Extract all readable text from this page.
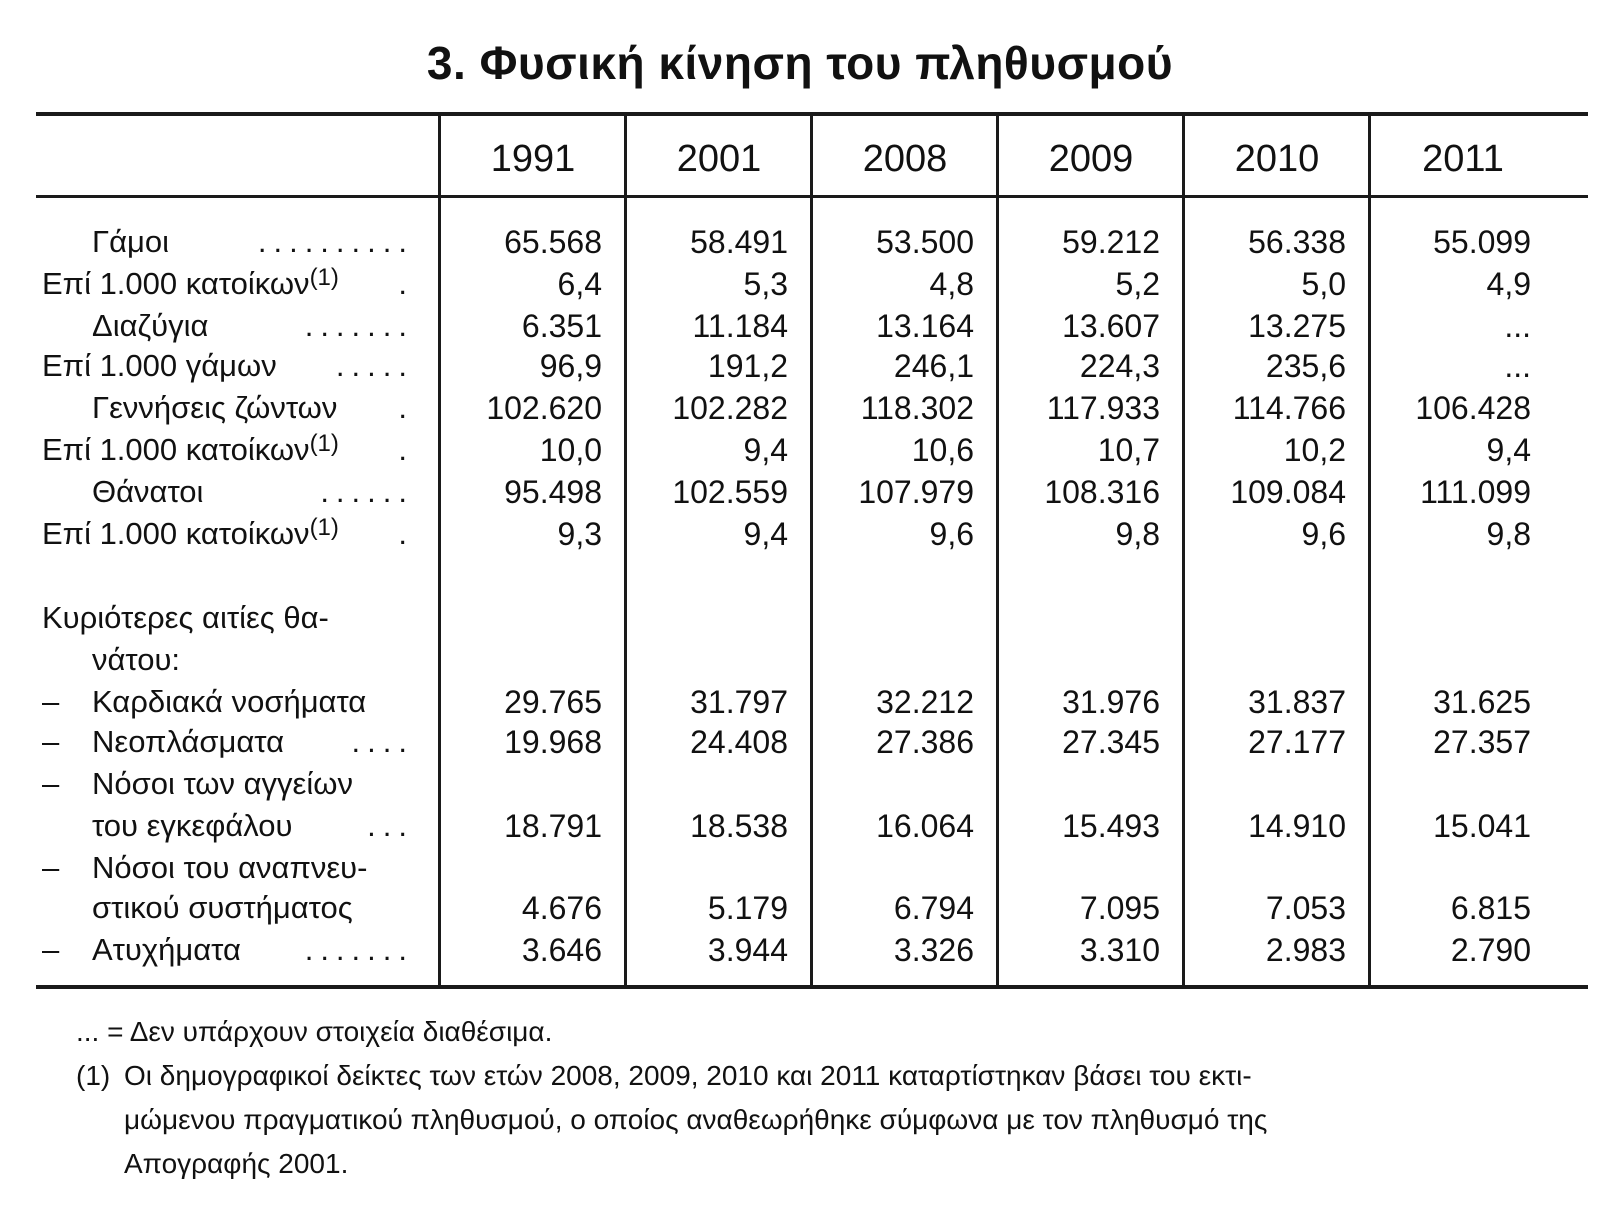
3. Φυσική κίνηση του πληθυσμού
1991	2001	2008	2009	2010	2011
Γάμοι	..........	65.568	58.491	53.500	59.212	56.338	55.099
Επί 1.000 κατοίκων$^{(1)}$ .	6,4	5,3	4,8	5,2	5,0	4,9
Διαζύγια	.......	6.351	11.184	13.164	13.607	13.275	...
Επί 1.000 γάμων .....	96,9	191,2	246,1	224,3	235,6	...
Γεννήσεις ζώντων .	102.620	102.282	118.302	117.933	114.766	106.428
Επί 1.000 κατοίκων$^{(1)}$ .	10,0	9,4	10,6	10,7	10,2	9,4
Θάνατοι	......	95.498	102.559	107.979	108.316	109.084	111.099
Επί 1.000 κατοίκων$^{(1)}$ .	9,3	9,4	9,6	9,8	9,6	9,8
Κυριότερες αιτίες θα-
νάτου:
– Καρδιακά νοσήματα	29.765	31.797	32.212	31.976	31.837	31.625
– Νεοπλάσματα ....	19.968	24.408	27.386	27.345	27.177	27.357
– Νόσοι των αγγείων
του εγκεφάλου ...	18.791	18.538	16.064	15.493	14.910	15.041
– Νόσοι του αναπνευ-
στικού συστήματος	4.676	5.179	6.794	7.095	7.053	6.815
– Ατυχήματα .......	3.646	3.944	3.326	3.310	2.983	2.790
... = Δεν υπάρχουν στοιχεία διαθέσιμα.
(1) Οι δημογραφικοί δείκτες των ετών 2008, 2009, 2010 και 2011 καταρτίστηκαν βάσει του εκτι-
μώμενου πραγματικού πληθυσμού, ο οποίος αναθεωρήθηκε σύμφωνα με τον πληθυσμό της
Απογραφής 2001.
